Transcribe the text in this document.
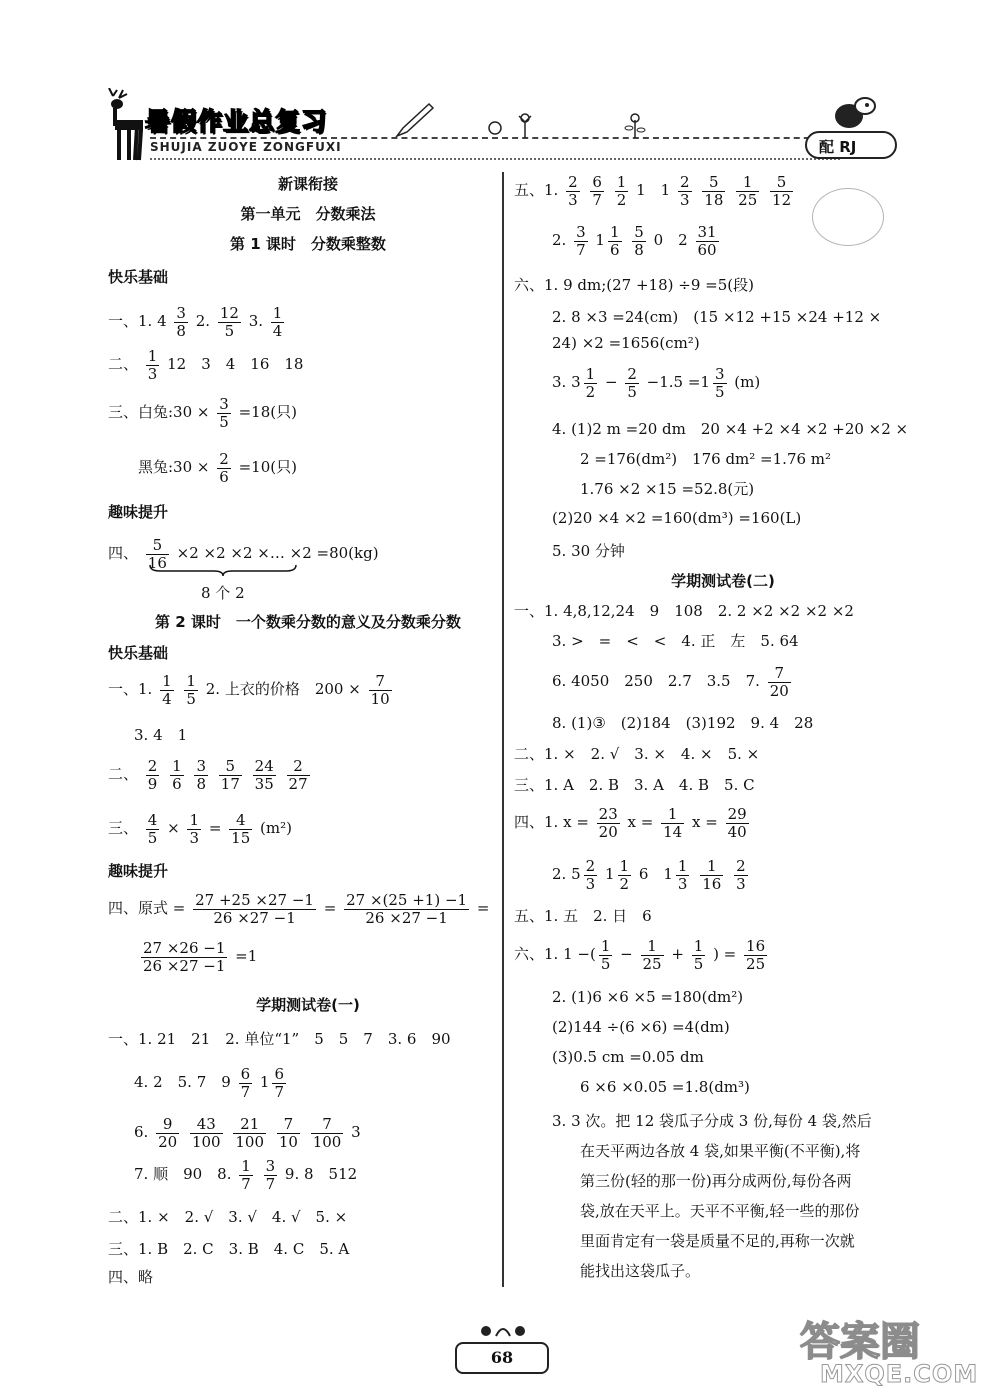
暑假作业总复习
SHUJIA ZUOYE ZONGFUXI	配 RJ
新课衔接
第一单元　分数乘法
第 1 课时　分数乘整数
快乐基础
一、1. $4 \frac{3}{8} 2$. $\frac{12}{5} 3$. $\frac{1}{4}$
二、 $\frac{1}{3} 12$　3　4　16　18
三、白兔:30 × $\frac{3}{5} =18$(只)
黑兔:30 × $\frac{2}{6} =10$(只)
趣味提升
四、 $\frac{5}{16} \times 2 \times 2 \times 2$ ×… ×2 =80(kg)
8 个 2
第 2 课时　一个数乘分数的意义及分数乘分数
快乐基础
一、1. $\frac{1}{4}$
$\frac{1}{5} 2$. 上衣的价格　$200 \times \frac{7}{10}$
3. 4　1
二、 $\frac{2}{9}$
$\frac{1}{6}$
$\frac{3}{8}$
$\frac{5}{17}$
$\frac{24}{35}$
$\frac{2}{27}$
三、 $\frac{4}{5} \times \frac{1}{3} = \frac{4}{15} (m^2)$
趣味提升
四、原式 = $\frac{27 +25 \times 27 -1}{26 \times 27 -1} = \frac{27 \times(25 +1) -1}{26 \times 27 -1}$ =
$\frac{27 \times 26 -1}{26 \times 27 -1} =1$
学期测试卷(一)
一、1. 21　21　2. 单位“1”　5　5　7　3. 6　90
4. 2　5. 7　$9 \frac{6}{7} 1 \frac{6}{7}$
6. $\frac{9}{20}$
$\frac{43}{100}$
$\frac{21}{100}$
$\frac{7}{10}$
$\frac{7}{100} 3$
7. 顺　90　8. $\frac{1}{7}$
$\frac{3}{7} 9$. 8　512
二、1. ×　2. √　3. √　4. √　5. ×
三、1. B　2. C　3. B　4. C　5. A
四、略
五、1. $\frac{2}{3}$
$\frac{6}{7}$
$\frac{1}{2} 1$　$1 \frac{2}{3}$
$\frac{5}{18}$
$\frac{1}{25}$
$\frac{5}{12}$
2. $\frac{3}{7} 1 \frac{1}{6}$
$\frac{5}{8} 0$　$2 \frac{31}{60}$
六、1. 9 dm;(27 +18) ÷9 =5(段)
2. 8 ×3 =24(cm)　(15 ×12 +15 ×24 +12 ×
24) ×2 =1656(cm²)
3. $3 \frac{1}{2} - \frac{2}{5} -1.5 =1 \frac{3}{5} (m)$
4. (1)2 m =20 dm　20 ×4 +2 ×4 ×2 +20 ×2 ×
2 =176(dm²)　176 dm² =1.76 m²
1.76 ×2 ×15 =52.8(元)
(2)20 ×4 ×2 =160(dm³) =160(L)
5. 30 分钟
学期测试卷(二)
一、1. 4,8,12,24　9　108　2. 2 ×2 ×2 ×2 ×2
3. >　=　<　<　4. 正　左　5. 64
6. 4050　250　2.7　3.5　7. $\frac{7}{20}$
8. (1)③　(2)184　(3)192　9. 4　28
二、1. ×　2. √　3. ×　4. ×　5. ×
三、1. A　2. B　3. A　4. B　5. C
四、1. $x = \frac{23}{20}$ $x = \frac{1}{14}$ $x = \frac{29}{40}$
2. $5 \frac{2}{3} 1 \frac{1}{2} 6$　$1 \frac{1}{3}$
$\frac{1}{16}$
$\frac{2}{3}$
五、1. 五　2. 日　6
六、1. 1 −( $\frac{1}{5} - \frac{1}{25} + \frac{1}{5}$ ) = $\frac{16}{25}$
2. (1)6 ×6 ×5 =180(dm²)
(2)144 ÷(6 ×6) =4(dm)
(3)0.5 cm =0.05 dm
6 ×6 ×0.05 =1.8(dm³)
3. 3 次。把 12 袋瓜子分成 3 份,每份 4 袋,然后
在天平两边各放 4 袋,如果平衡(不平衡),将
第三份(轻的那一份)再分成两份,每份各两
袋,放在天平上。天平不平衡,轻一些的那份
里面肯定有一袋是质量不足的,再称一次就
能找出这袋瓜子。
68	答案圈
MXQE.COM
